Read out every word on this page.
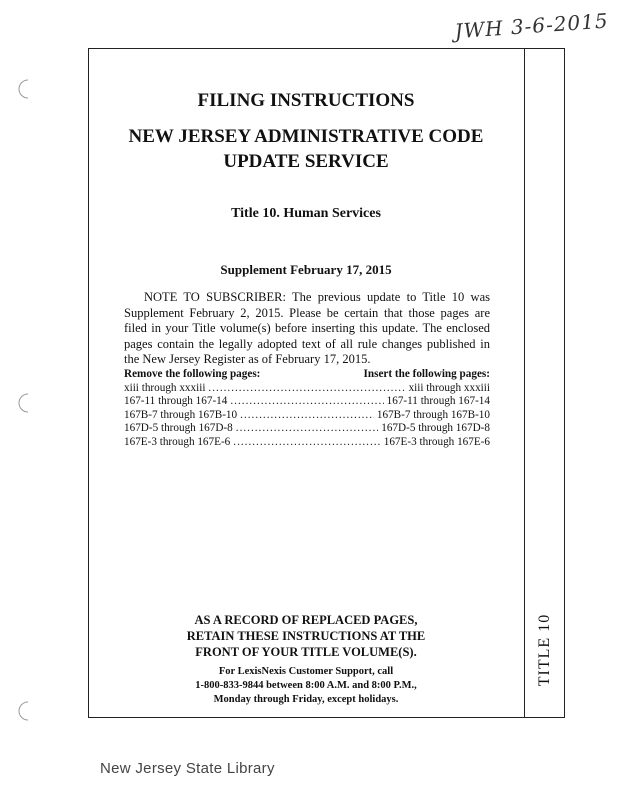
JWH 3-6-2015
TITLE 10
FILING INSTRUCTIONS
NEW JERSEY ADMINISTRATIVE CODE
UPDATE SERVICE
Title 10. Human Services
Supplement February 17, 2015
NOTE TO SUBSCRIBER: The previous update to Title 10 was Supplement February 2, 2015. Please be certain that those pages are filed in your Title volume(s) before inserting this update. The enclosed pages contain the legally adopted text of all rule changes published in the New Jersey Register as of February 17, 2015.
Remove the following pages:	Insert the following pages:
xiii through xxxiii .....	xiii through xxxiii
167-11 through 167-14 .....	167-11 through 167-14
167B-7 through 167B-10 .....	167B-7 through 167B-10
167D-5 through 167D-8 .....	167D-5 through 167D-8
167E-3 through 167E-6 .....	167E-3 through 167E-6
AS A RECORD OF REPLACED PAGES,
RETAIN THESE INSTRUCTIONS AT THE
FRONT OF YOUR TITLE VOLUME(S).
For LexisNexis Customer Support, call
1-800-833-9844 between 8:00 A.M. and 8:00 P.M.,
Monday through Friday, except holidays.
New Jersey State Library
